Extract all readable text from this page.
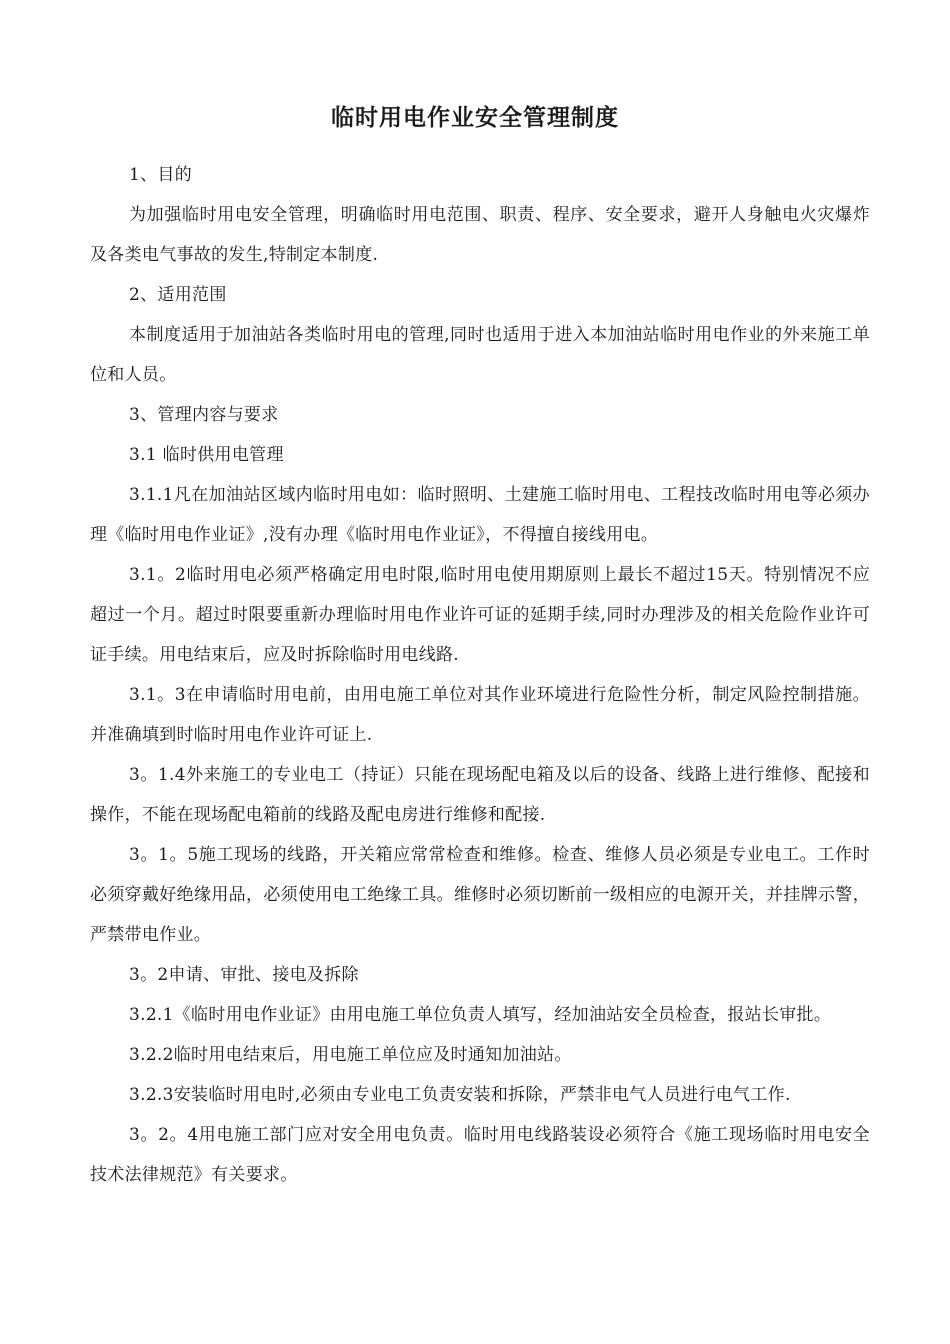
临时用电作业安全管理制度

1、目的

为加强临时用电安全管理，明确临时用电范围、职责、程序、安全要求，避开人身触电火灾爆炸及各类电气事故的发生,特制定本制度.

2、适用范围

本制度适用于加油站各类临时用电的管理,同时也适用于进入本加油站临时用电作业的外来施工单位和人员。

3、管理内容与要求

3.1 临时供用电管理

3.1.1凡在加油站区域内临时用电如：临时照明、土建施工临时用电、工程技改临时用电等必须办理《临时用电作业证》,没有办理《临时用电作业证》，不得擅自接线用电。

3.1。2临时用电必须严格确定用电时限,临时用电使用期原则上最长不超过15天。特别情况不应超过一个月。超过时限要重新办理临时用电作业许可证的延期手续,同时办理涉及的相关危险作业许可证手续。用电结束后，应及时拆除临时用电线路.

3.1。3在申请临时用电前，由用电施工单位对其作业环境进行危险性分析，制定风险控制措施。并准确填到时临时用电作业许可证上.

3。1.4外来施工的专业电工（持证）只能在现场配电箱及以后的设备、线路上进行维修、配接和操作，不能在现场配电箱前的线路及配电房进行维修和配接.

3。1。5施工现场的线路，开关箱应常常检查和维修。检查、维修人员必须是专业电工。工作时必须穿戴好绝缘用品，必须使用电工绝缘工具。维修时必须切断前一级相应的电源开关，并挂牌示警，严禁带电作业。

3。2申请、审批、接电及拆除

3.2.1《临时用电作业证》由用电施工单位负责人填写，经加油站安全员检查，报站长审批。

3.2.2临时用电结束后，用电施工单位应及时通知加油站。

3.2.3安装临时用电时,必须由专业电工负责安装和拆除，严禁非电气人员进行电气工作.

3。2。4用电施工部门应对安全用电负责。临时用电线路装设必须符合《施工现场临时用电安全技术法律规范》有关要求。
